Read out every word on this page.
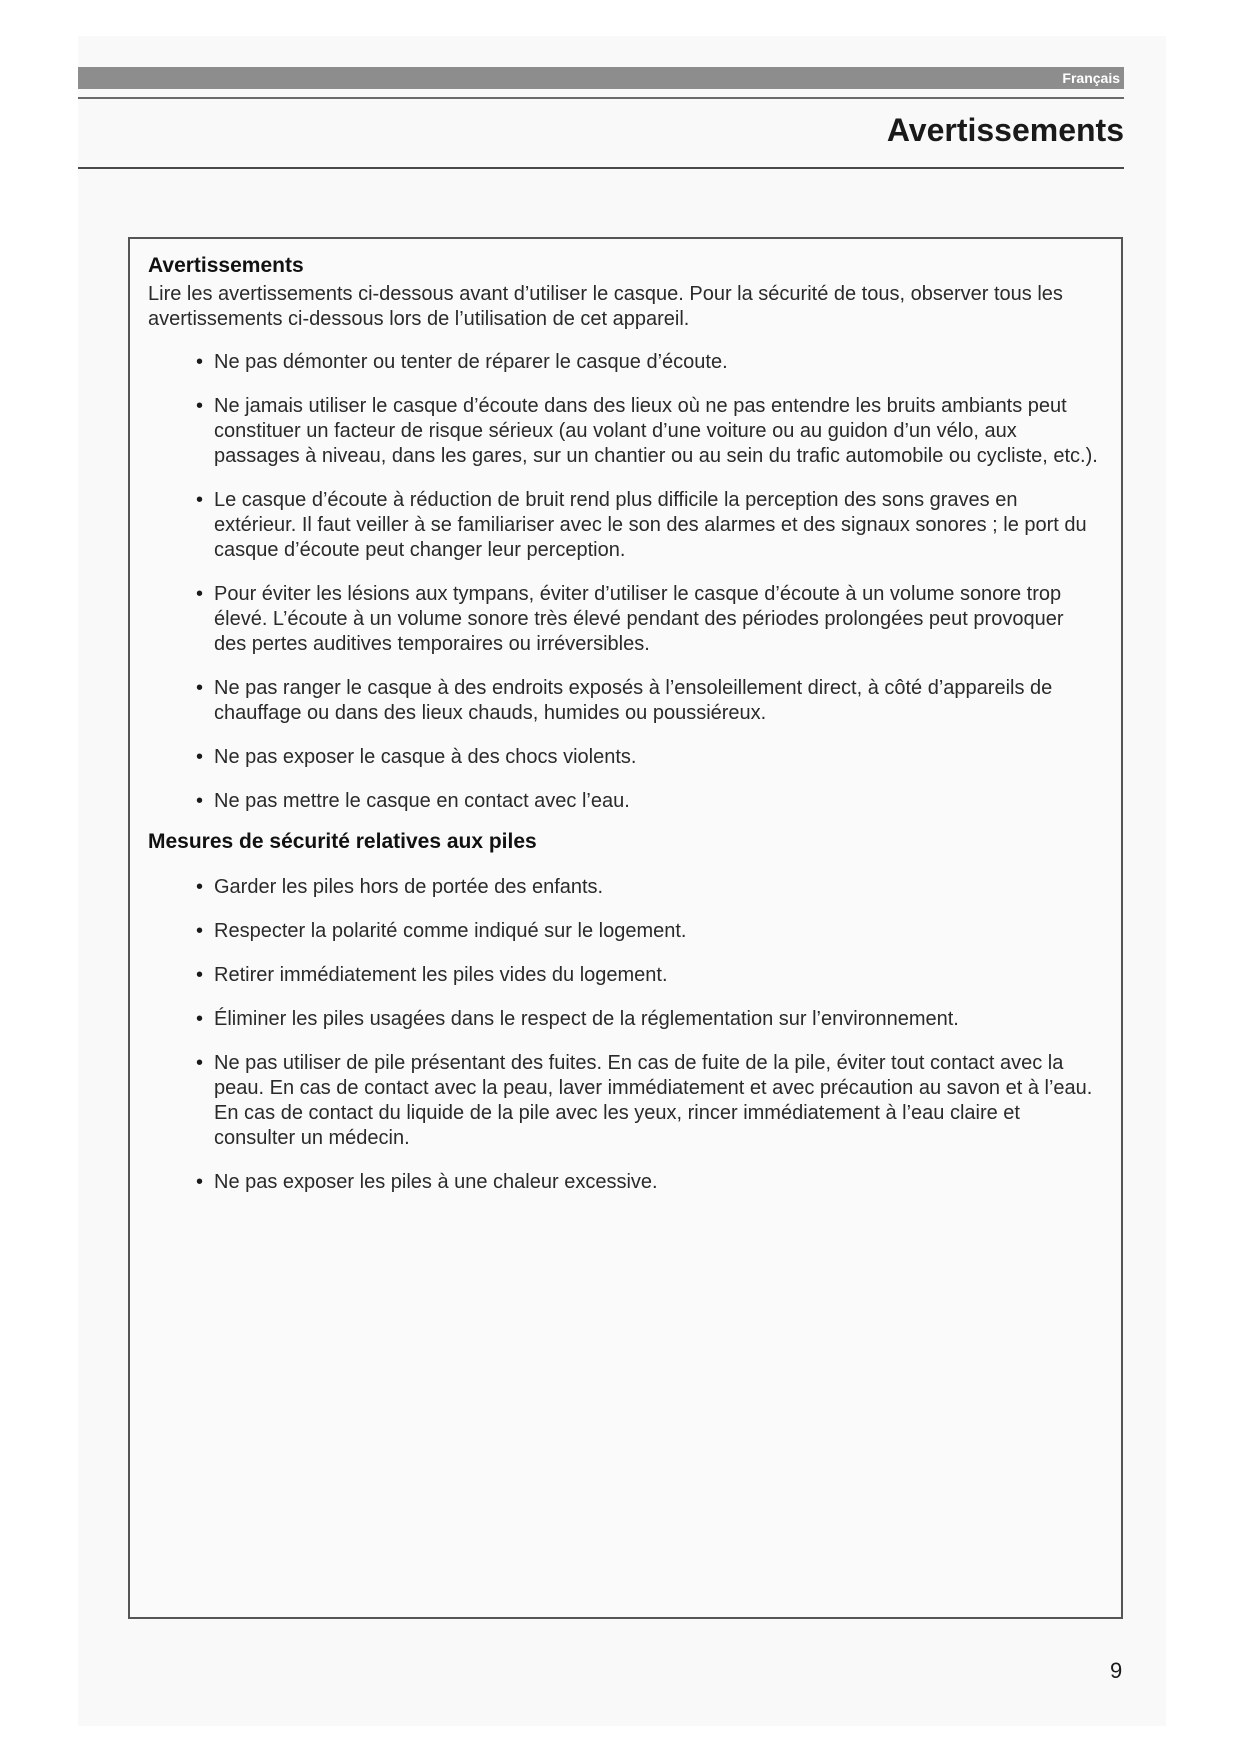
Français
Avertissements
Avertissements

Lire les avertissements ci-dessous avant d’utiliser le casque. Pour la sécurité de tous, observer tous les avertissements ci-dessous lors de l’utilisation de cet appareil.

• Ne pas démonter ou tenter de réparer le casque d’écoute.
• Ne jamais utiliser le casque d’écoute dans des lieux où ne pas entendre les bruits ambiants peut constituer un facteur de risque sérieux (au volant d’une voiture ou au guidon d’un vélo, aux passages à niveau, dans les gares, sur un chantier ou au sein du trafic automobile ou cycliste, etc.).
• Le casque d’écoute à réduction de bruit rend plus difficile la perception des sons graves en extérieur. Il faut veiller à se familiariser avec le son des alarmes et des signaux sonores ; le port du casque d’écoute peut changer leur perception.
• Pour éviter les lésions aux tympans, éviter d’utiliser le casque d’écoute à un volume sonore trop élevé. L’écoute à un volume sonore très élevé pendant des périodes prolongées peut provoquer des pertes auditives temporaires ou irréversibles.
• Ne pas ranger le casque à des endroits exposés à l’ensoleillement direct, à côté d’appareils de chauffage ou dans des lieux chauds, humides ou poussiéreux.
• Ne pas exposer le casque à des chocs violents.
• Ne pas mettre le casque en contact avec l’eau.
Mesures de sécurité relatives aux piles
• Garder les piles hors de portée des enfants.
• Respecter la polarité comme indiqué sur le logement.
• Retirer immédiatement les piles vides du logement.
• Éliminer les piles usagées dans le respect de la réglementation sur l’environnement.
• Ne pas utiliser de pile présentant des fuites. En cas de fuite de la pile, éviter tout contact avec la peau. En cas de contact avec la peau, laver immédiatement et avec précaution au savon et à l’eau. En cas de contact du liquide de la pile avec les yeux, rincer immédiatement à l’eau claire et consulter un médecin.
• Ne pas exposer les piles à une chaleur excessive.
9
